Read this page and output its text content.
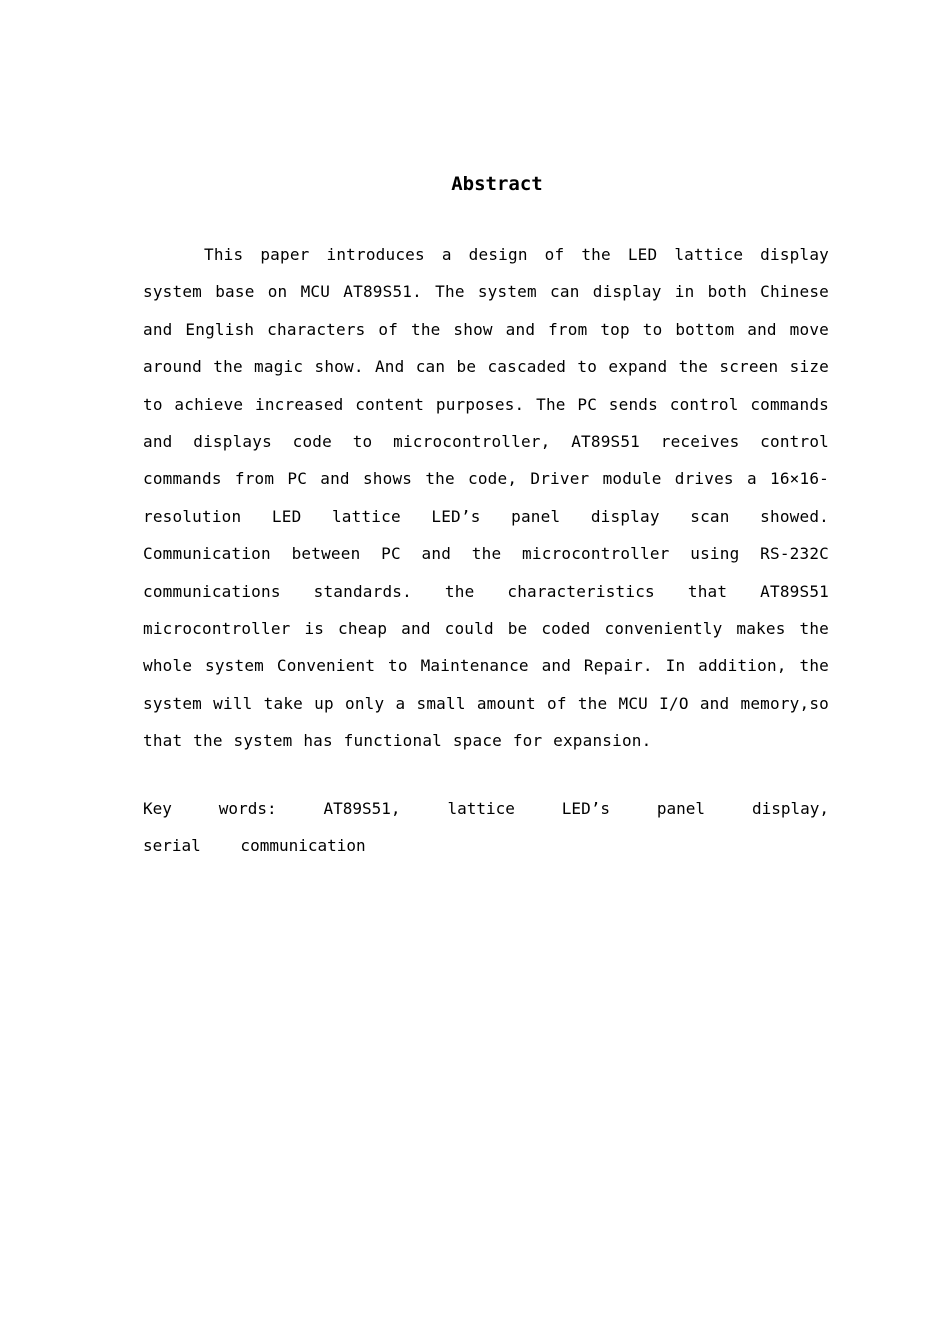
Abstract

This paper introduces a design of the LED lattice display system base on MCU AT89S51. The system can display in both Chinese and English characters of the show and from top to bottom and move around the magic show. And can be cascaded to expand the screen size to achieve increased content purposes. The PC sends control commands and displays code to microcontroller, AT89S51 receives control commands from PC and shows the code, Driver module drives a 16×16-resolution LED lattice LED’s panel display scan showed. Communication between PC and the microcontroller using RS-232C communications standards. the characteristics that AT89S51 microcontroller is cheap and could be coded conveniently makes the whole system Convenient to Maintenance and Repair. In addition, the system will take up only a small amount of the MCU I/O and memory,so that the system has functional space for expansion.

Key words: AT89S51, lattice LED’s panel display, serial communication
